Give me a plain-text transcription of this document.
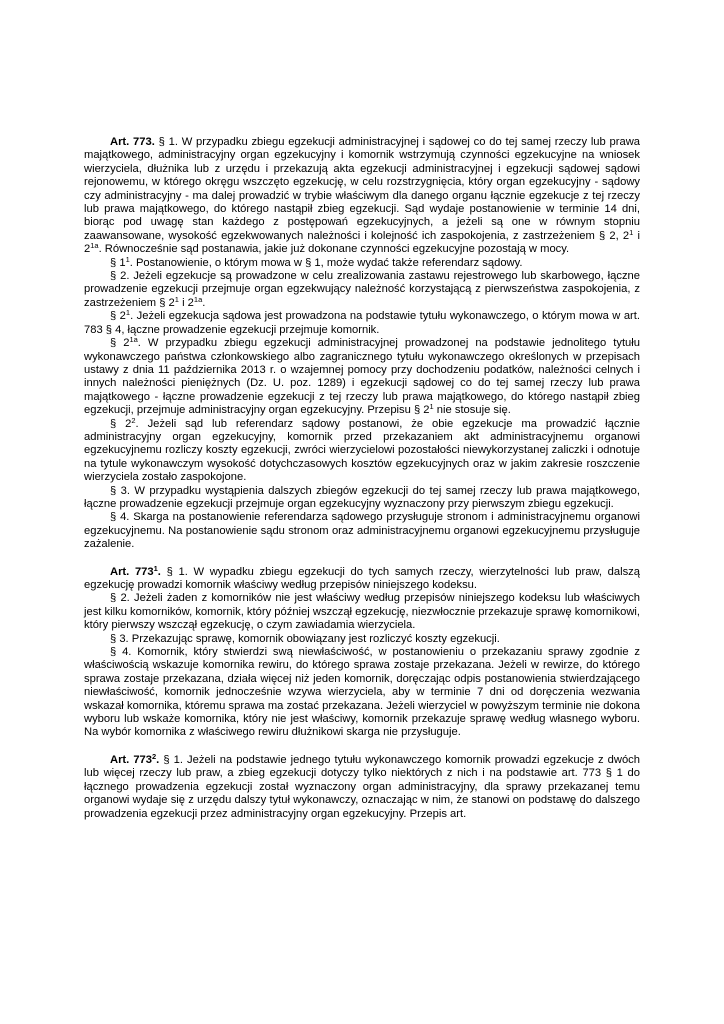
Art. 773. § 1. W przypadku zbiegu egzekucji administracyjnej i sądowej co do tej samej rzeczy lub prawa majątkowego, administracyjny organ egzekucyjny i komornik wstrzymują czynności egzekucyjne na wniosek wierzyciela, dłużnika lub z urzędu i przekazują akta egzekucji administracyjnej i egzekucji sądowej sądowi rejonowemu, w którego okręgu wszczęto egzekucję, w celu rozstrzygnięcia, który organ egzekucyjny - sądowy czy administracyjny - ma dalej prowadzić w trybie właściwym dla danego organu łącznie egzekucje z tej rzeczy lub prawa majątkowego, do którego nastąpił zbieg egzekucji. Sąd wydaje postanowienie w terminie 14 dni, biorąc pod uwagę stan każdego z postępowań egzekucyjnych, a jeżeli są one w równym stopniu zaawansowane, wysokość egzekwowanych należności i kolejność ich zaspokojenia, z zastrzeżeniem § 2, $2^1$ i $2^{1a}$. Równocześnie sąd postanawia, jakie już dokonane czynności egzekucyjne pozostają w mocy.

§ $1^1$. Postanowienie, o którym mowa w § 1, może wydać także referendarz sądowy.

§ 2. Jeżeli egzekucje są prowadzone w celu zrealizowania zastawu rejestrowego lub skarbowego, łączne prowadzenie egzekucji przejmuje organ egzekwujący należność korzystającą z pierwszeństwa zaspokojenia, z zastrzeżeniem § $2^1$ i $2^{1a}$.

§ $2^1$. Jeżeli egzekucja sądowa jest prowadzona na podstawie tytułu wykonawczego, o którym mowa w art. 783 § 4, łączne prowadzenie egzekucji przejmuje komornik.

§ $2^{1a}$. W przypadku zbiegu egzekucji administracyjnej prowadzonej na podstawie jednolitego tytułu wykonawczego państwa członkowskiego albo zagranicznego tytułu wykonawczego określonych w przepisach ustawy z dnia 11 października 2013 r. o wzajemnej pomocy przy dochodzeniu podatków, należności celnych i innych należności pieniężnych (Dz. U. poz. 1289) i egzekucji sądowej co do tej samej rzeczy lub prawa majątkowego - łączne prowadzenie egzekucji z tej rzeczy lub prawa majątkowego, do którego nastąpił zbieg egzekucji, przejmuje administracyjny organ egzekucyjny. Przepisu § $2^1$ nie stosuje się.

§ $2^2$. Jeżeli sąd lub referendarz sądowy postanowi, że obie egzekucje ma prowadzić łącznie administracyjny organ egzekucyjny, komornik przed przekazaniem akt administracyjnemu organowi egzekucyjnemu rozliczy koszty egzekucji, zwróci wierzycielowi pozostałości niewykorzystanej zaliczki i odnotuje na tytule wykonawczym wysokość dotychczasowych kosztów egzekucyjnych oraz w jakim zakresie roszczenie wierzyciela zostało zaspokojone.

§ 3. W przypadku wystąpienia dalszych zbiegów egzekucji do tej samej rzeczy lub prawa majątkowego, łączne prowadzenie egzekucji przejmuje organ egzekucyjny wyznaczony przy pierwszym zbiegu egzekucji.

§ 4. Skarga na postanowienie referendarza sądowego przysługuje stronom i administracyjnemu organowi egzekucyjnemu. Na postanowienie sądu stronom oraz administracyjnemu organowi egzekucyjnemu przysługuje zażalenie.

Art. $773^1$. § 1. W wypadku zbiegu egzekucji do tych samych rzeczy, wierzytelności lub praw, dalszą egzekucję prowadzi komornik właściwy według przepisów niniejszego kodeksu.

§ 2. Jeżeli żaden z komorników nie jest właściwy według przepisów niniejszego kodeksu lub właściwych jest kilku komorników, komornik, który później wszczął egzekucję, niezwłocznie przekazuje sprawę komornikowi, który pierwszy wszczął egzekucję, o czym zawiadamia wierzyciela.

§ 3. Przekazując sprawę, komornik obowiązany jest rozliczyć koszty egzekucji.

§ 4. Komornik, który stwierdzi swą niewłaściwość, w postanowieniu o przekazaniu sprawy zgodnie z właściwością wskazuje komornika rewiru, do którego sprawa zostaje przekazana. Jeżeli w rewirze, do którego sprawa zostaje przekazana, działa więcej niż jeden komornik, doręczając odpis postanowienia stwierdzającego niewłaściwość, komornik jednocześnie wzywa wierzyciela, aby w terminie 7 dni od doręczenia wezwania wskazał komornika, któremu sprawa ma zostać przekazana. Jeżeli wierzyciel w powyższym terminie nie dokona wyboru lub wskaże komornika, który nie jest właściwy, komornik przekazuje sprawę według własnego wyboru. Na wybór komornika z właściwego rewiru dłużnikowi skarga nie przysługuje.

Art. $773^2$. § 1. Jeżeli na podstawie jednego tytułu wykonawczego komornik prowadzi egzekucje z dwóch lub więcej rzeczy lub praw, a zbieg egzekucji dotyczy tylko niektórych z nich i na podstawie art. 773 § 1 do łącznego prowadzenia egzekucji został wyznaczony organ administracyjny, dla sprawy przekazanej temu organowi wydaje się z urzędu dalszy tytuł wykonawczy, oznaczając w nim, że stanowi on podstawę do dalszego prowadzenia egzekucji przez administracyjny organ egzekucyjny. Przepis art.
